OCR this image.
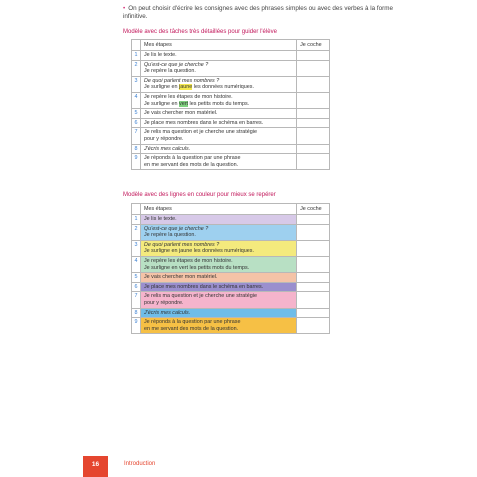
• On peut choisir d'écrire les consignes avec des phrases simples ou avec des verbes à la forme infinitive.
Modèle avec des tâches très détaillées pour guider l'élève
	Mes étapes	Je coche
1	Je lis le texte.	
2	Qu'est-ce que je cherche ?
Je repère la question.	
3	De quoi parlent mes nombres ?
Je surligne en jaune les données numériques.	
4	Je repère les étapes de mon histoire.
Je surligne en vert les petits mots du temps.	
5	Je vais chercher mon matériel.	
6	Je place mes nombres dans le schéma en barres.	
7	Je relis ma question et je cherche une stratégie
pour y répondre.	
8	J'écris mes calculs.	
9	Je réponds à la question par une phrase
en me servant des mots de la question.	
Modèle avec des lignes en couleur pour mieux se repérer
	Mes étapes	Je coche
1	Je lis le texte.	
2	Qu'est-ce que je cherche ?
Je repère la question.	
3	De quoi parlent mes nombres ?
Je surligne en jaune les données numériques.	
4	Je repère les étapes de mon histoire.
Je surligne en vert les petits mots du temps.	
5	Je vais chercher mon matériel.	
6	Je place mes nombres dans le schéma en barres.	
7	Je relis ma question et je cherche une stratégie
pour y répondre.	
8	J'écris mes calculs.	
9	Je réponds à la question par une phrase
en me servant des mots de la question.	
16	Introduction
